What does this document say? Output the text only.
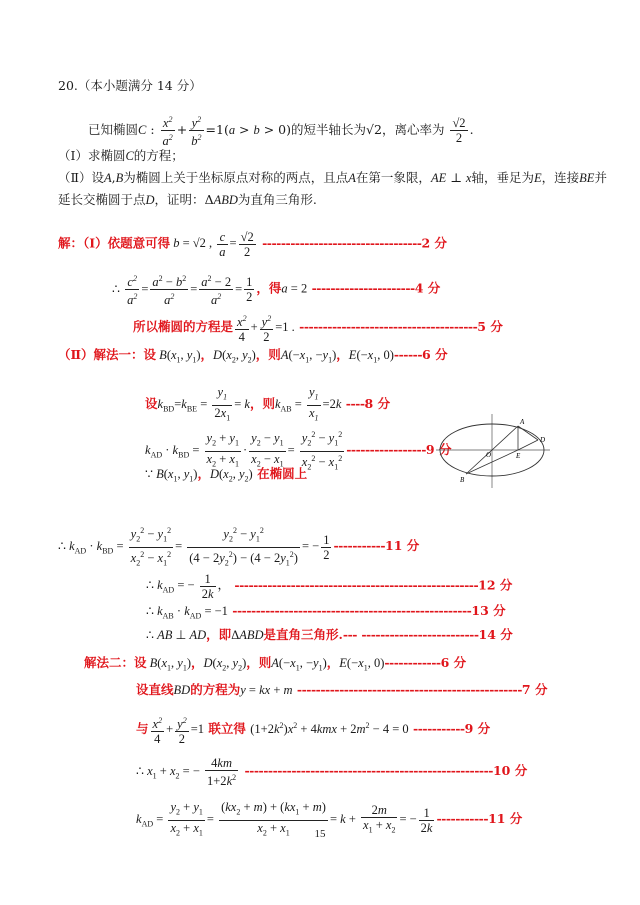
20.（本小题满分 14 分）
已知椭圆C : $\frac{x^2}{a^2} + \frac{y^2}{b^2} =1(a > b > 0)$的短半轴长为√2，离心率为 $\frac{√2}{2}$ .
（Ⅰ）求椭圆C的方程；
（Ⅱ）设A,B为椭圆上关于坐标原点对称的两点，且点A在第一象限，AE ⊥ x轴，垂足为E，连接BE并
延长交椭圆于点D，证明：ΔABD为直角三角形.
解：（Ⅰ）依题意可得 b = √2 , $\frac{c}{a} = \frac{√2}{2} ----------------------------------2$ 分
∴ $\frac{c^2}{a^2} = \frac{a^2 - b^2}{a^2} = \frac{a^2 - 2}{a^2} = \frac{1}{2}$ ，得a = 2 ----------------------4 分
所以椭圆的方程是 $\frac{x^2}{4} + \frac{y^2}{2} =1$ . --------------------------------------5 分
（Ⅱ）解法一：设 $B(x_1$, $y_1$)，$D(x_2$, $y_2$)，则$A(-x_1$, $-y_1$)，$E(-x_1$, 0)------6 分
设$k_{BD}=k_{BE} = \frac{y_1}{2x_1} = k$，则$k_{AB} = \frac{y_1}{x_1} =2k$ ----8 分
$k_{AD} \cdot k_{BD} = \frac{y_2 + y_1}{x_2 + x_1} \cdot \frac{y_2 - y_1}{x_2 - x_1} = \frac{y_2^2 - y_1^2}{x_2^2 - x_1^2} -----------------9$ 分
∵ $B(x_1$, $y_1$)，$D(x_2$, $y_2$) 在椭圆上
A
B
D
O	E
∴ $k_{AD} \cdot k_{BD} = \frac{y_2^2 - y_1^2}{x_2^2 - x_1^2} = \frac{y_2^2 - y_1^2}{(4 - 2y_2^2) - (4 - 2y_1^2)}$ = − $\frac{1}{2} -----------11$ 分
∴ $k_{AD}$ = − $\frac{1}{2k}$ ， ----------------------------------------------------12 分
∴ $k_{AB} \cdot k_{AD} = -1$ ---------------------------------------------------13 分
∴ AB ⊥ AD，即ΔABD是直角三角形.--- -------------------------14 分
解法二：设 $B(x_1$, $y_1$)，$D(x_2$, $y_2$)，则$A(-x_1$, $-y_1$)，$E(-x_1$, 0)------------6 分
设直线BD的方程为y = kx + m ------------------------------------------------7 分
与 $\frac{x^2}{4} + \frac{y^2}{2} =1$ 联立得 $(1+2k^2)x^2 + 4kmx + 2m^2 - 4 = 0$ -----------9 分
∴ $x_1 + x_2$ = − $\frac{4km}{1+2k^2} -----------------------------------------------------10$ 分
$k_{AD} = \frac{y_2 + y_1}{x_2 + x_1} = \frac{(kx_2 + m) + (kx_1 + m)}{x_2 + x_1} = k + \frac{2m}{x_1 + x_2}$ = − $\frac{1}{2k} -----------11$ 分
15
